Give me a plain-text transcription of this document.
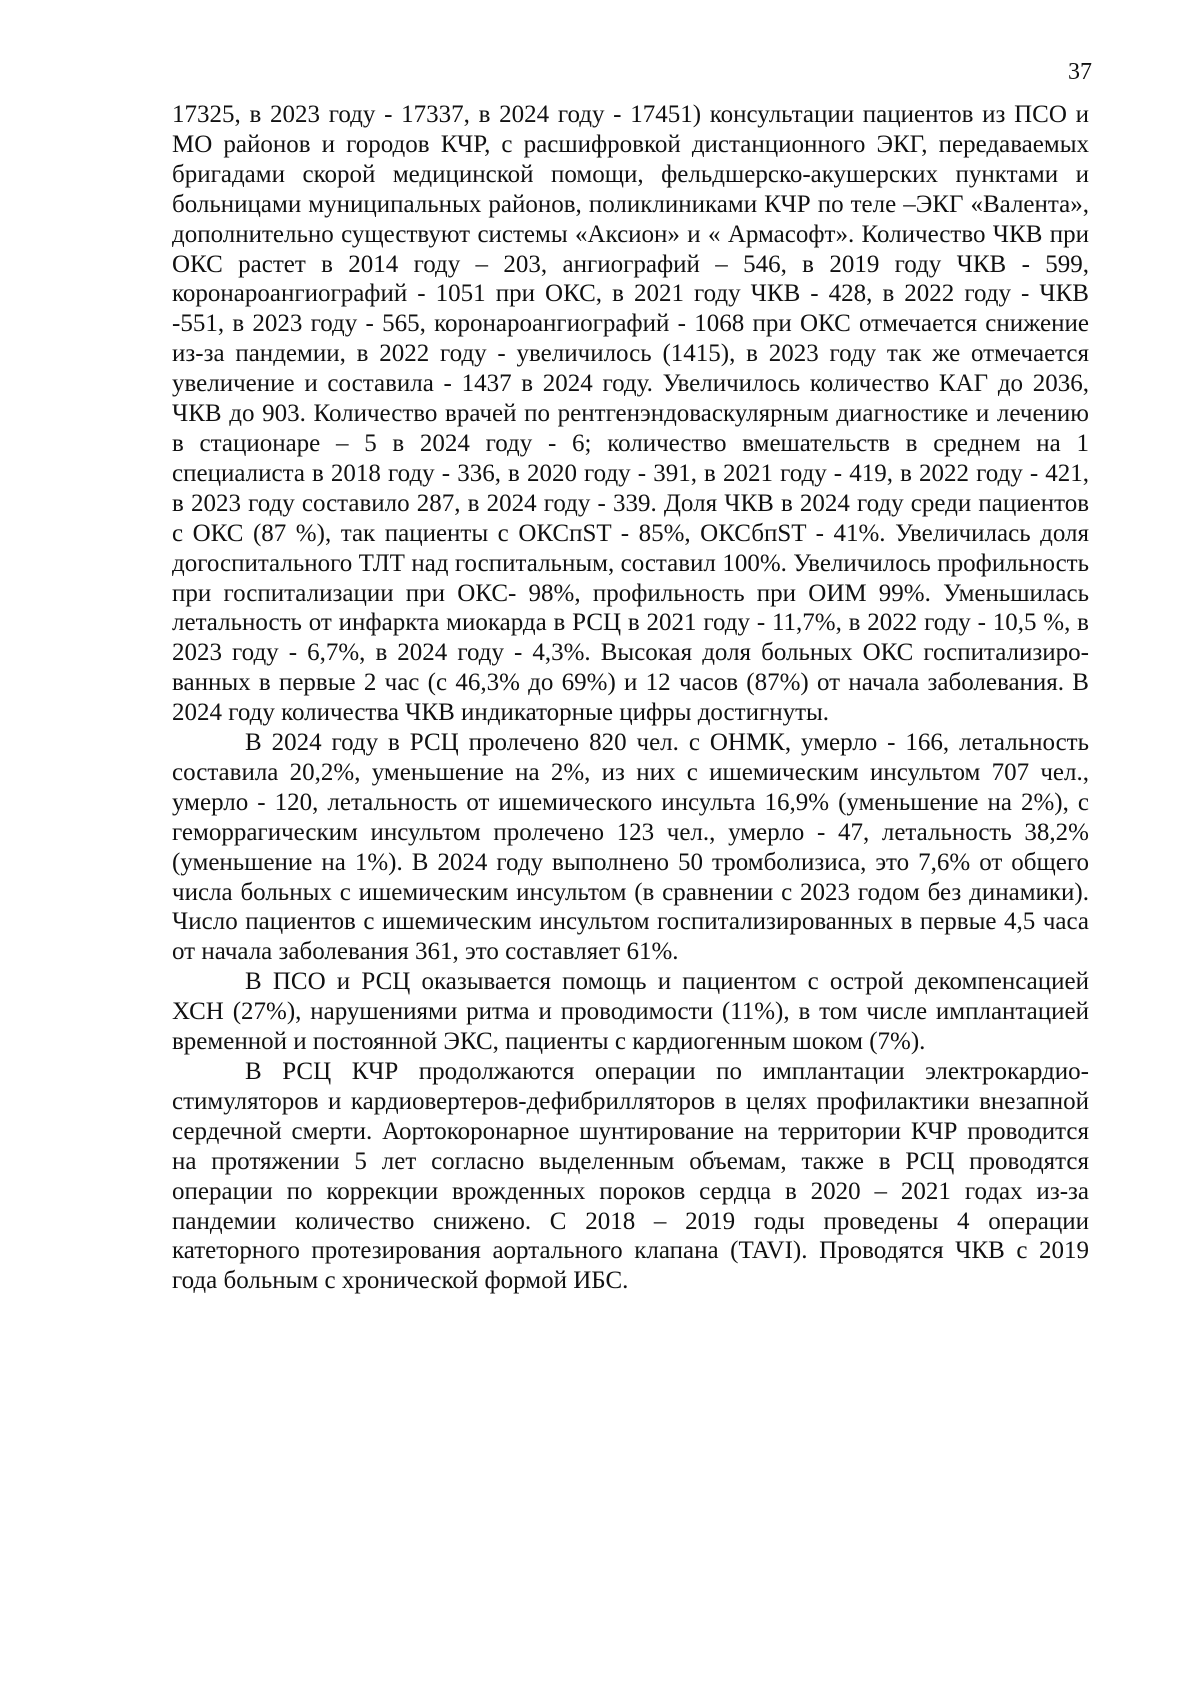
37

17325, в 2023 году - 17337, в 2024 году - 17451) консультации пациентов из ПСО и МО районов и городов КЧР, с расшифровкой дистанционного ЭКГ, передаваемых бригадами скорой медицинской помощи, фельдшерско-акушерских пунктами и больницами муниципальных районов, поликлиниками КЧР по теле –ЭКГ «Валента», дополнительно существуют системы «Аксион» и « Армасофт». Количество ЧКВ при ОКС растет в 2014 году – 203, ангиографий – 546, в 2019 году ЧКВ - 599, коронароангиографий - 1051 при ОКС, в 2021 году ЧКВ - 428, в 2022 году - ЧКВ -551, в 2023 году - 565, коронароангиографий - 1068 при ОКС отмечается снижение из-за пандемии, в 2022 году - увеличилось (1415), в 2023 году так же отмечается увеличение и составила - 1437 в 2024 году. Увеличилось количество КАГ до 2036, ЧКВ до 903. Количество врачей по рентгенэндоваскулярным диагностике и лечению в стационаре – 5 в 2024 году - 6; количество вмешательств в среднем на 1 специалиста в 2018 году - 336, в 2020 году - 391, в 2021 году - 419, в 2022 году - 421, в 2023 году составило 287, в 2024 году - 339. Доля ЧКВ в 2024 году среди пациентов с ОКС (87 %), так пациенты с ОКСпST - 85%, ОКСбпST - 41%. Увеличилась доля догоспитального ТЛТ над госпитальным, составил 100%. Увеличилось профильность при госпитализации при ОКС- 98%, профильность при ОИМ 99%. Уменьшилась летальность от инфаркта миокарда в РСЦ в 2021 году - 11,7%, в 2022 году - 10,5 %, в 2023 году - 6,7%, в 2024 году - 4,3%. Высокая доля больных ОКС госпитализированных в первые 2 час (с 46,3% до 69%) и 12 часов (87%) от начала заболевания. В 2024 году количества ЧКВ индикаторные цифры достигнуты.

В 2024 году в РСЦ пролечено 820 чел. с ОНМК, умерло - 166, летальность составила 20,2%, уменьшение на 2%, из них с ишемическим инсультом 707 чел., умерло - 120, летальность от ишемического инсульта 16,9% (уменьшение на 2%), с геморрагическим инсультом пролечено 123 чел., умерло - 47, летальность 38,2% (уменьшение на 1%). В 2024 году выполнено 50 тромболизиса, это 7,6% от общего числа больных с ишемическим инсультом (в сравнении с 2023 годом без динамики). Число пациентов с ишемическим инсультом госпитализированных в первые 4,5 часа от начала заболевания 361, это составляет 61%.

В ПСО и РСЦ оказывается помощь и пациентом с острой декомпенсацией ХСН (27%), нарушениями ритма и проводимости (11%), в том числе имплантацией временной и постоянной ЭКС, пациенты с кардиогенным шоком (7%).

В РСЦ КЧР продолжаются операции по имплантации электрокардиостимуляторов и кардиовертеров-дефибрилляторов в целях профилактики внезапной сердечной смерти. Аортокоронарное шунтирование на территории КЧР проводится на протяжении 5 лет согласно выделенным объемам, также в РСЦ проводятся операции по коррекции врожденных пороков сердца в 2020 – 2021 годах из-за пандемии количество снижено. С 2018 – 2019 годы проведены 4 операции катеторного протезирования аортального клапана (TAVI). Проводятся ЧКВ с 2019 года больным с хронической формой ИБС.
